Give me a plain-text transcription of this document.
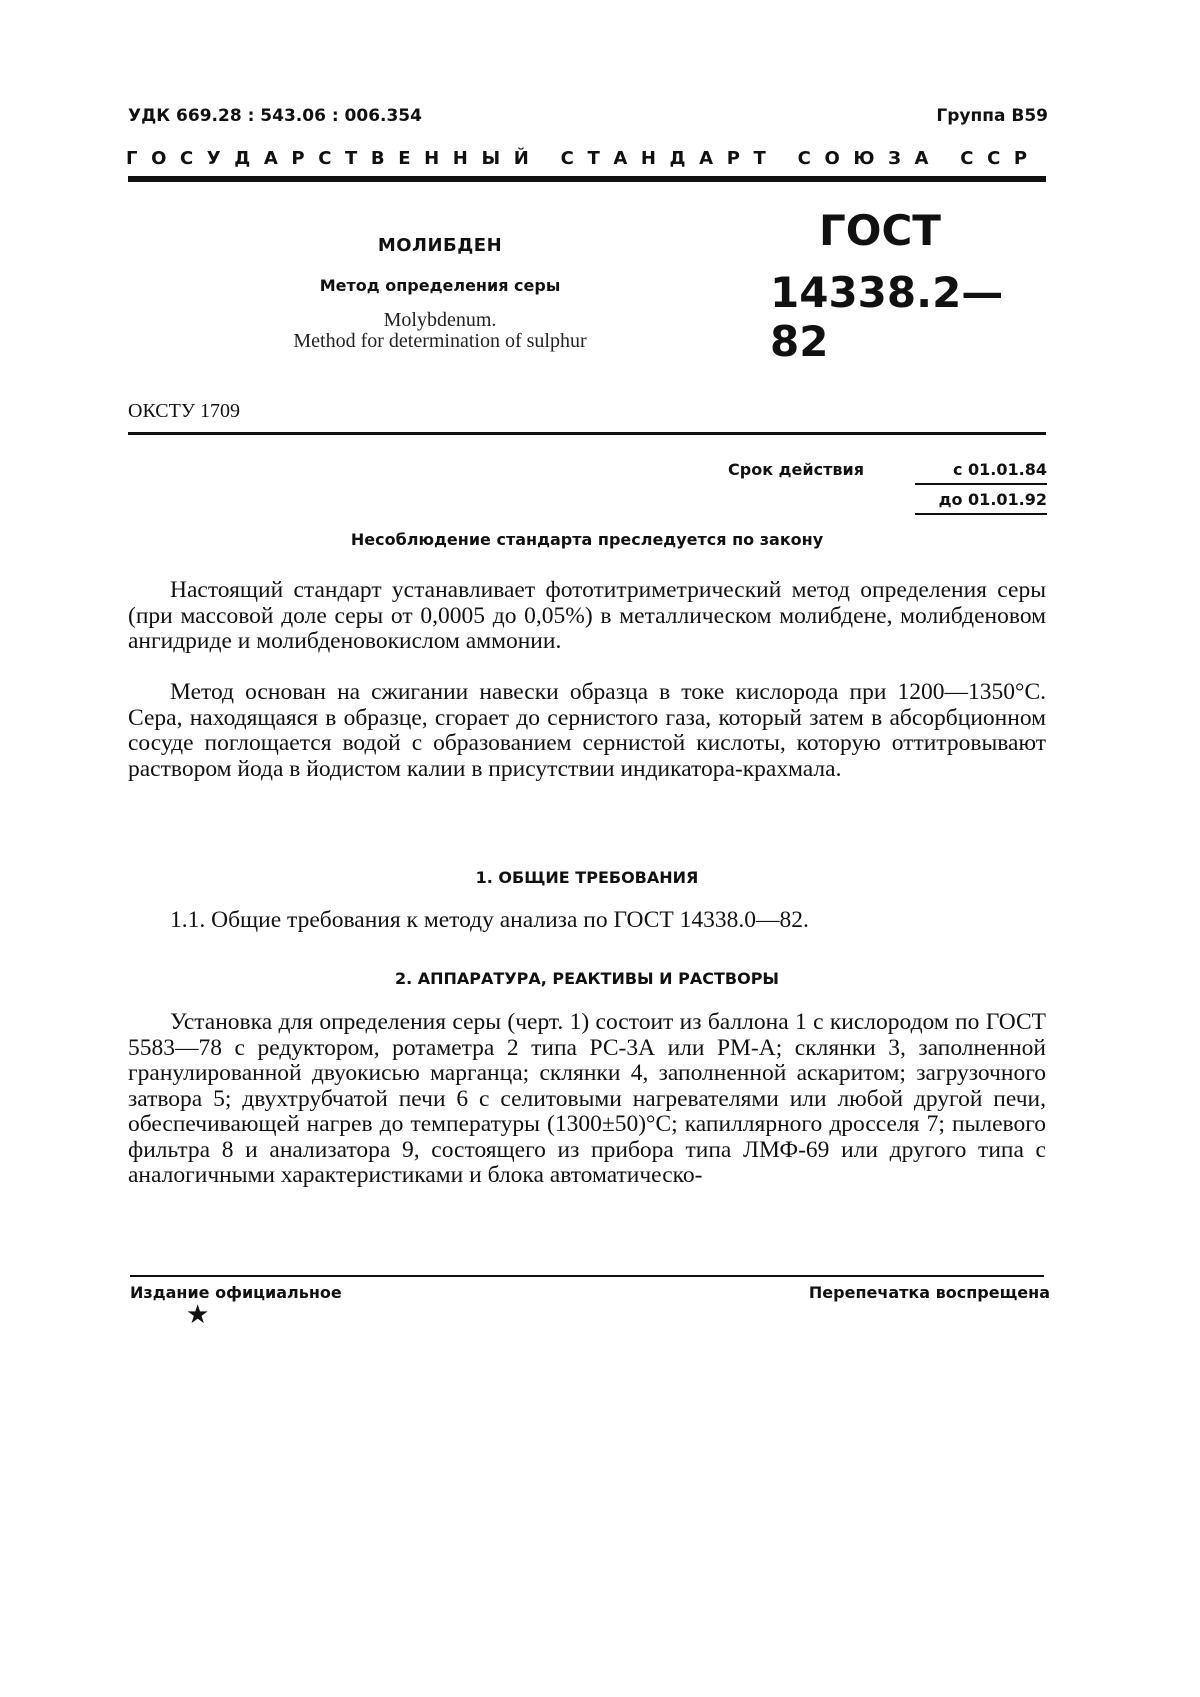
УДК 669.28 : 543.06 : 006.354	Группа В59
ГОСУДАРСТВЕННЫЙ СТАНДАРТ СОЮЗА ССР
МОЛИБДЕН
Метод определения серы
Molybdenum.
Method for determination of sulphur
ГОСТ
14338.2—82
ОКСТУ 1709
Срок действия	с 01.01.84
до 01.01.92
Несоблюдение стандарта преследуется по закону

Настоящий стандарт устанавливает фототитриметрический метод определения серы (при массовой доле серы от 0,0005 до 0,05%) в металлическом молибдене, молибденовом ангидриде и молибденовокислом аммонии.

Метод основан на сжигании навески образца в токе кислорода при 1200—1350°С. Сера, находящаяся в образце, сгорает до сернистого газа, который затем в абсорбционном сосуде поглощается водой с образованием сернистой кислоты, которую оттитровывают раствором йода в йодистом калии в присутствии индикатора-крахмала.

1. ОБЩИЕ ТРЕБОВАНИЯ

1.1. Общие требования к методу анализа по ГОСТ 14338.0—82.

2. АППАРАТУРА, РЕАКТИВЫ И РАСТВОРЫ

Установка для определения серы (черт. 1) состоит из баллона 1 с кислородом по ГОСТ 5583—78 с редуктором, ротаметра 2 типа РС-3А или РМ-А; склянки 3, заполненной гранулированной двуокисью марганца; склянки 4, заполненной аскаритом; загрузочного затвора 5; двухтрубчатой печи 6 с селитовыми нагревателями или любой другой печи, обеспечивающей нагрев до температуры (1300±50)°С; капиллярного дросселя 7; пылевого фильтра 8 и анализатора 9, состоящего из прибора типа ЛМФ-69 или другого типа с аналогичными характеристиками и блока автоматическо-

Издание официальное	Перепечатка воспрещена
★
